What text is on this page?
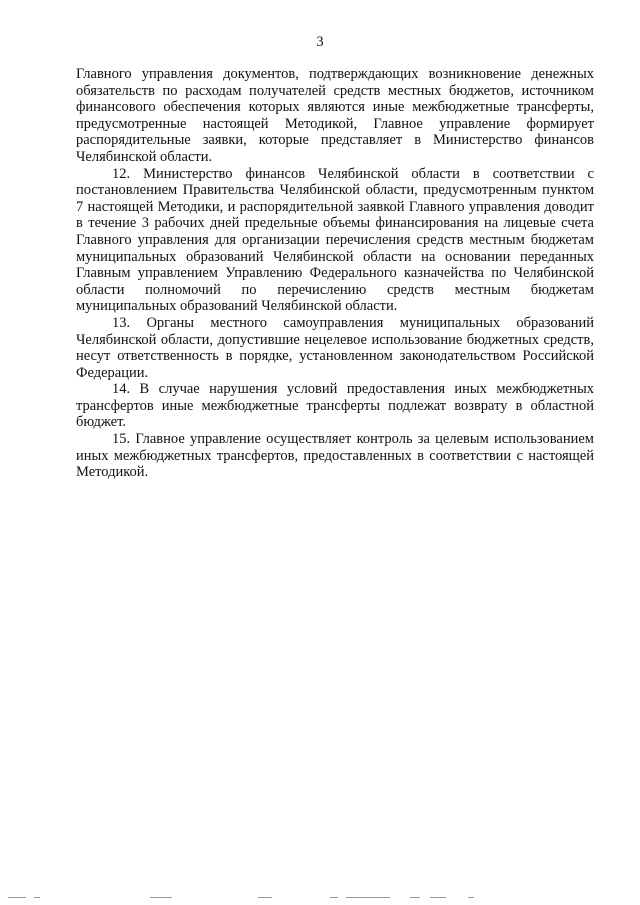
3

Главного управления документов, подтверждающих возникновение денежных обязательств по расходам получателей средств местных бюджетов, источником финансового обеспечения которых являются иные межбюджетные трансферты, предусмотренные настоящей Методикой, Главное управление формирует распорядительные заявки, которые представляет в Министерство финансов Челябинской области.

12. Министерство финансов Челябинской области в соответствии с постановлением Правительства Челябинской области, предусмотренным пунктом 7 настоящей Методики, и распорядительной заявкой Главного управления доводит в течение 3 рабочих дней предельные объемы финансирования на лицевые счета Главного управления для организации перечисления средств местным бюджетам муниципальных образований Челябинской области на основании переданных Главным управлением Управлению Федерального казначейства по Челябинской области полномочий по перечислению средств местным бюджетам муниципальных образований Челябинской области.

13. Органы местного самоуправления муниципальных образований Челябинской области, допустившие нецелевое использование бюджетных средств, несут ответственность в порядке, установленном законодательством Российской Федерации.

14. В случае нарушения условий предоставления иных межбюджетных трансфертов иные межбюджетные трансферты подлежат возврату в областной бюджет.

15. Главное управление осуществляет контроль за целевым использованием иных межбюджетных трансфертов, предоставленных в соответствии с настоящей Методикой.
